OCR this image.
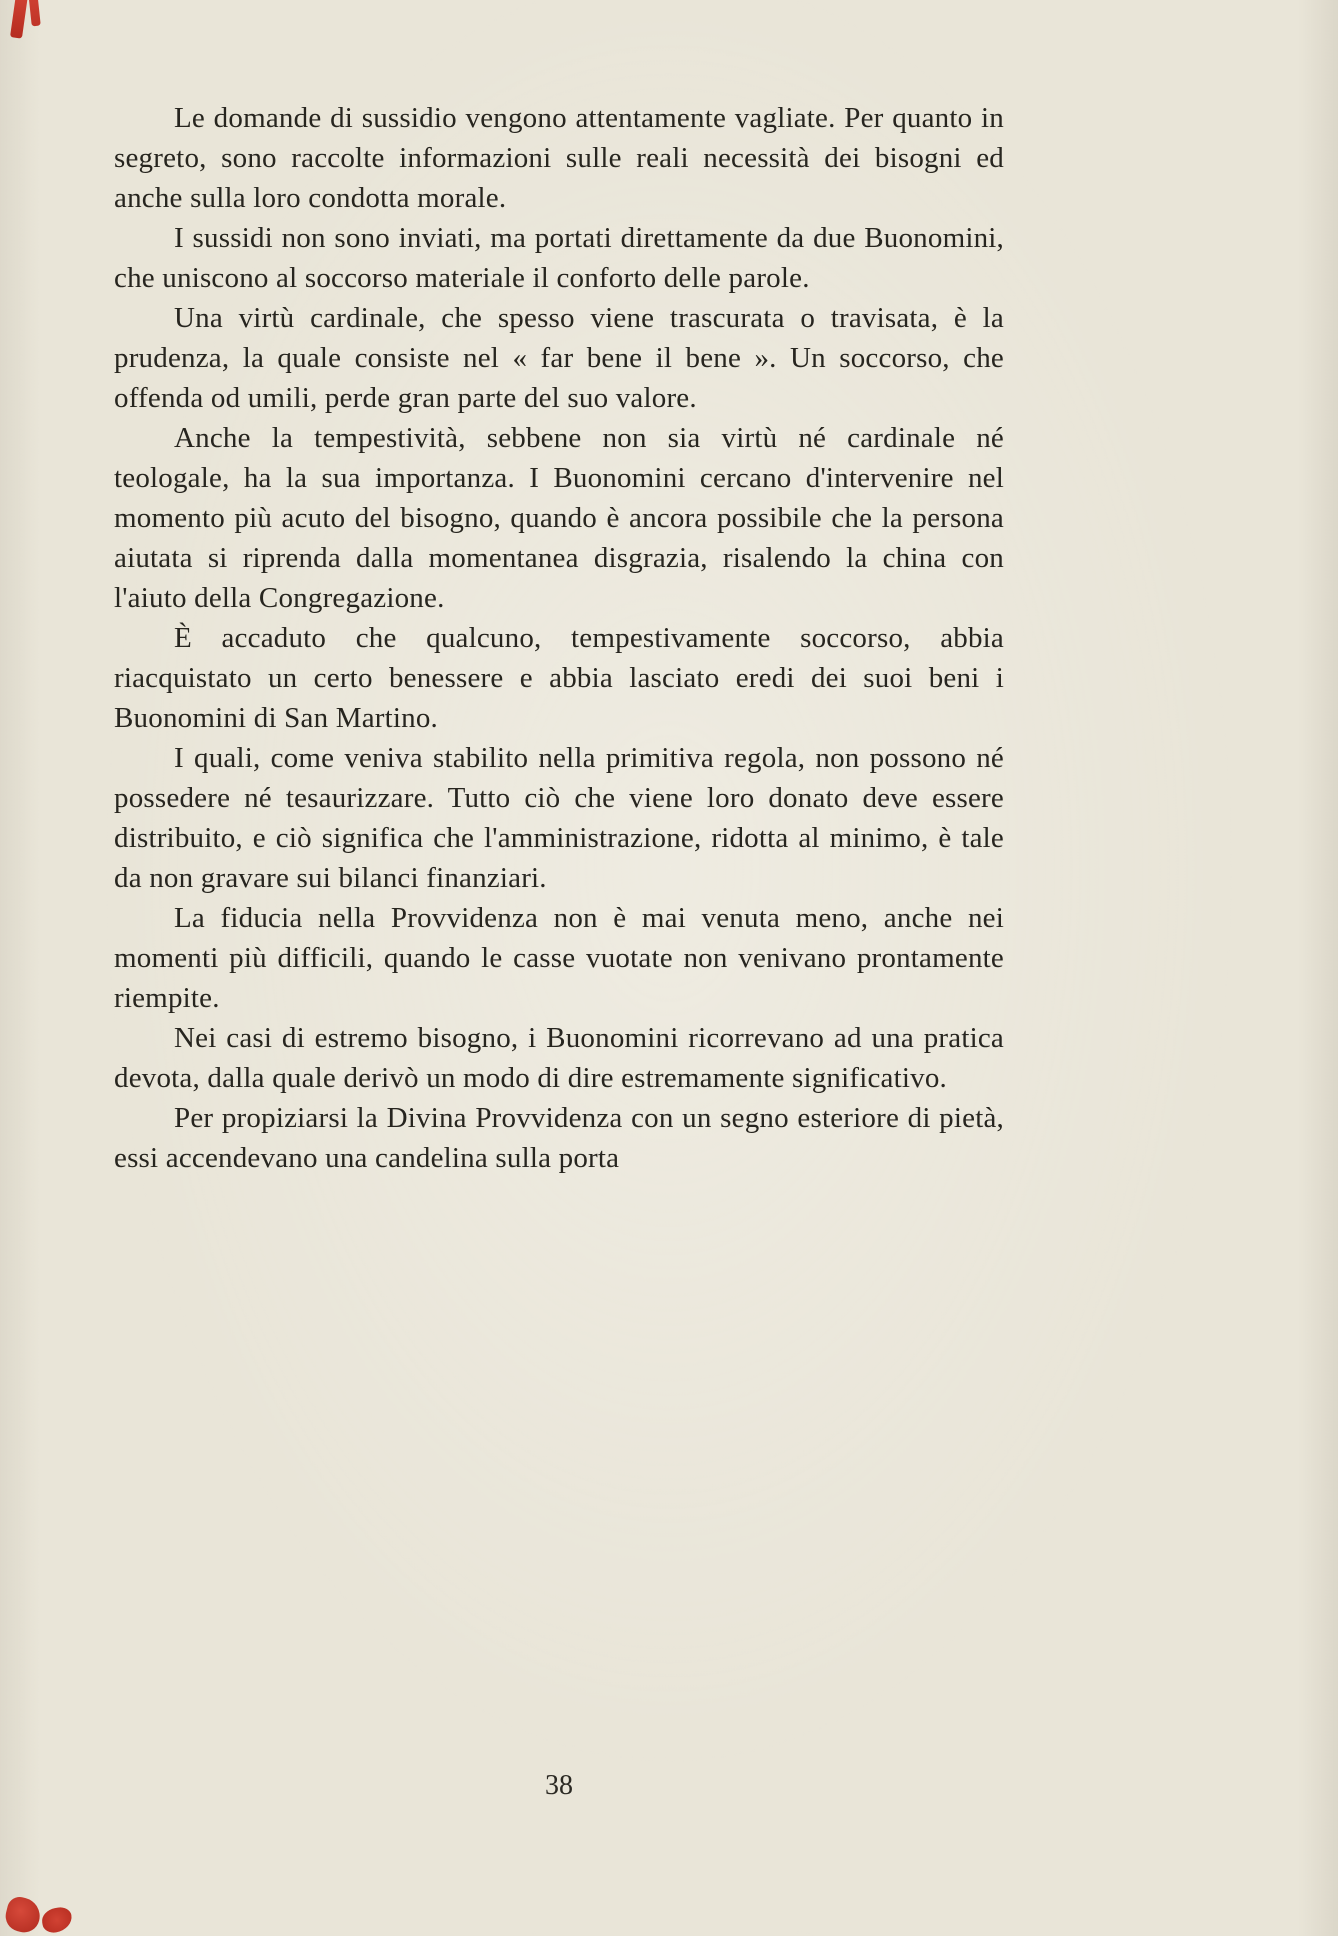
Le domande di sussidio vengono attentamente vagliate. Per quanto in segreto, sono raccolte informazioni sulle reali necessità dei bisogni ed anche sulla loro condotta morale.

I sussidi non sono inviati, ma portati direttamente da due Buonomini, che uniscono al soccorso materiale il conforto delle parole.

Una virtù cardinale, che spesso viene trascurata o travisata, è la prudenza, la quale consiste nel « far bene il bene ». Un soccorso, che offenda od umili, perde gran parte del suo valore.

Anche la tempestività, sebbene non sia virtù né cardinale né teologale, ha la sua importanza. I Buonomini cercano d'intervenire nel momento più acuto del bisogno, quando è ancora possibile che la persona aiutata si riprenda dalla momentanea disgrazia, risalendo la china con l'aiuto della Congregazione.

È accaduto che qualcuno, tempestivamente soccorso, abbia riacquistato un certo benessere e abbia lasciato eredi dei suoi beni i Buonomini di San Martino.

I quali, come veniva stabilito nella primitiva regola, non possono né possedere né tesaurizzare. Tutto ciò che viene loro donato deve essere distribuito, e ciò significa che l'amministrazione, ridotta al minimo, è tale da non gravare sui bilanci finanziari.

La fiducia nella Provvidenza non è mai venuta meno, anche nei momenti più difficili, quando le casse vuotate non venivano prontamente riempite.

Nei casi di estremo bisogno, i Buonomini ricorrevano ad una pratica devota, dalla quale derivò un modo di dire estremamente significativo.

Per propiziarsi la Divina Provvidenza con un segno esteriore di pietà, essi accendevano una candelina sulla porta

38
